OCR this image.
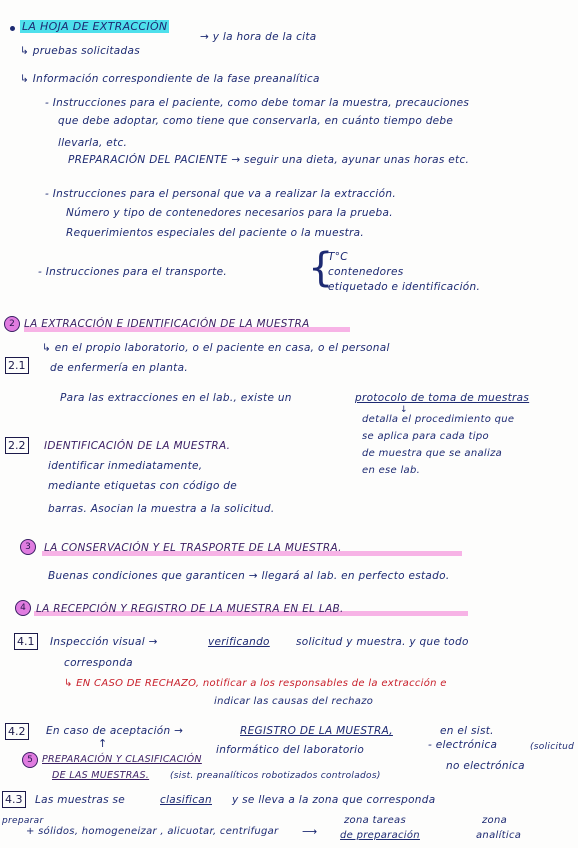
LA HOJA DE EXTRACCIÓN
→ y la hora de la cita
↳ pruebas solicitadas
↳ Información correspondiente de la fase preanalítica
- Instrucciones para el paciente, como debe tomar la muestra, precauciones
que debe adoptar, como tiene que conservarla, en cuánto tiempo debe
llevarla, etc.
PREPARACIÓN DEL PACIENTE → seguir una dieta, ayunar unas horas etc.
- Instrucciones para el personal que va a realizar la extracción.
Número y tipo de contenedores necesarios para la prueba.
Requerimientos especiales del paciente o la muestra.
- Instrucciones para el transporte. {
T°C
contenedores
etiquetado e identificación.
2 LA EXTRACCIÓN E IDENTIFICACIÓN DE LA MUESTRA
2.1
↳ en el propio laboratorio, o el paciente en casa, o el personal
de enfermería en planta.
Para las extracciones en el lab., existe un	protocolo de toma de muestras
↓
detalla el procedimiento que
se aplica para cada tipo
de muestra que se analiza
en ese lab.
2.2 IDENTIFICACIÓN DE LA MUESTRA.
identificar inmediatamente,
mediante etiquetas con código de
barras. Asocian la muestra a la solicitud.
3	LA CONSERVACIÓN Y EL TRASPORTE DE LA MUESTRA.
Buenas condiciones que garanticen → llegará al lab. en perfecto estado.
4 LA RECEPCIÓN Y REGISTRO DE LA MUESTRA EN EL LAB.
4.1 Inspección visual →	verificando solicitud y muestra. y que todo
corresponda
↳ EN CASO DE RECHAZO, notificar a los responsables de la extracción e
indicar las causas del rechazo
4.2 En caso de aceptación →	REGISTRO DE LA MUESTRA,	en el sist.
↑	informático del laboratorio	- electrónica	(solicitud
no electrónica
5 PREPARACIÓN Y CLASIFICACIÓN
DE LAS MUESTRAS. (sist. preanalíticos robotizados controlados)
4.3 Las muestras se	clasifican y se lleva a la zona que corresponda
preparar
+ sólidos, homogeneizar , alicuotar, centrifugar ⟶
zona tareas
de preparación
zona
analítica
